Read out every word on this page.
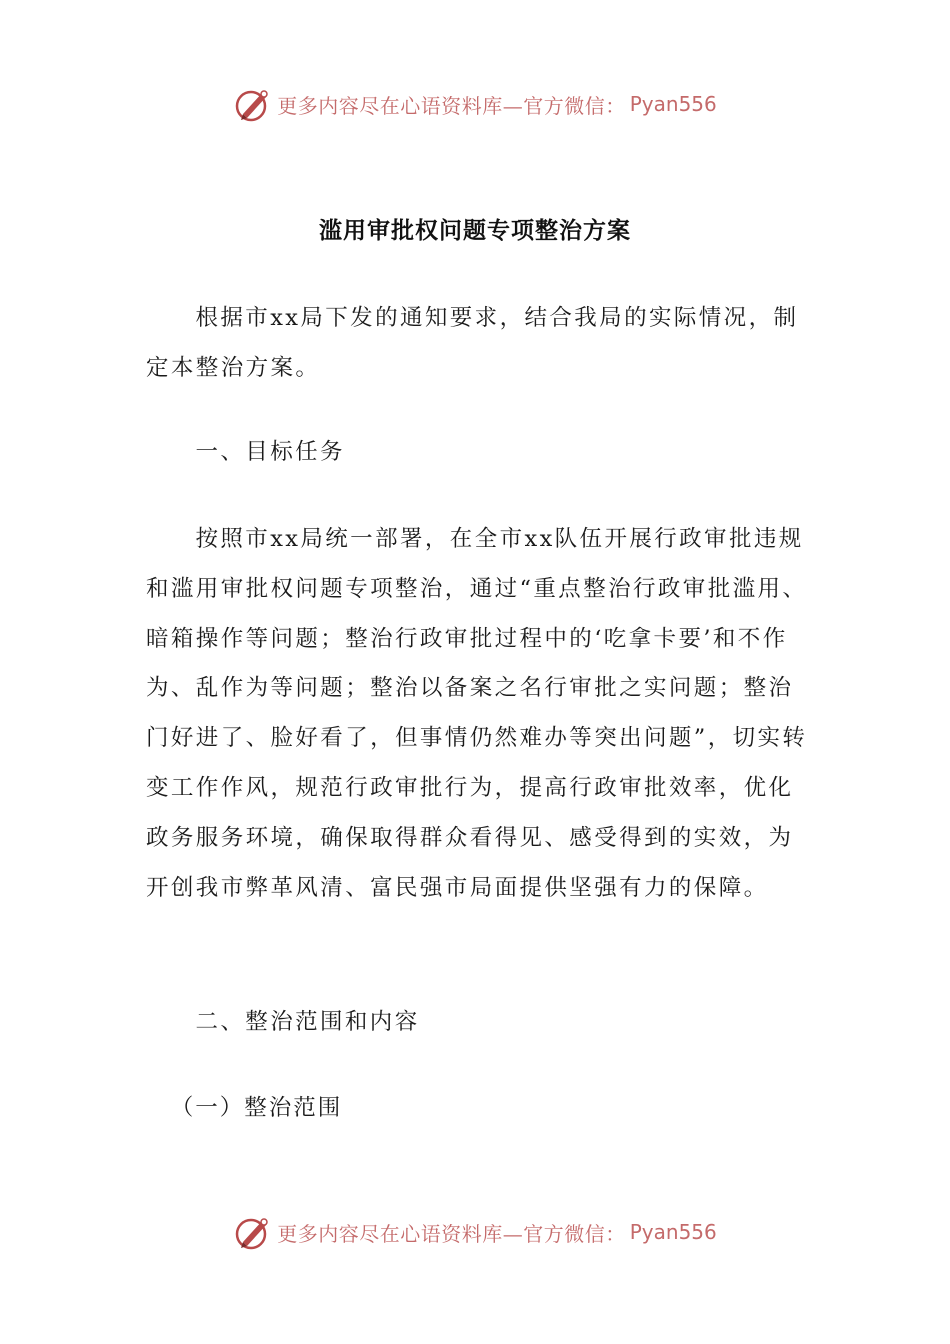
更多内容尽在心语资料库—官方微信： Pyan556
滥用审批权问题专项整治方案

根据市xx局下发的通知要求，结合我局的实际情况，制定本整治方案。

一、目标任务

按照市xx局统一部署，在全市xx队伍开展行政审批违规和滥用审批权问题专项整治，通过“重点整治行政审批滥用、暗箱操作等问题；整治行政审批过程中的‘吃拿卡要’和不作为、乱作为等问题；整治以备案之名行审批之实问题；整治门好进了、脸好看了，但事情仍然难办等突出问题”，切实转变工作作风，规范行政审批行为，提高行政审批效率，优化政务服务环境，确保取得群众看得见、感受得到的实效，为开创我市弊革风清、富民强市局面提供坚强有力的保障。

二、整治范围和内容

（一）整治范围

更多内容尽在心语资料库—官方微信： Pyan556
